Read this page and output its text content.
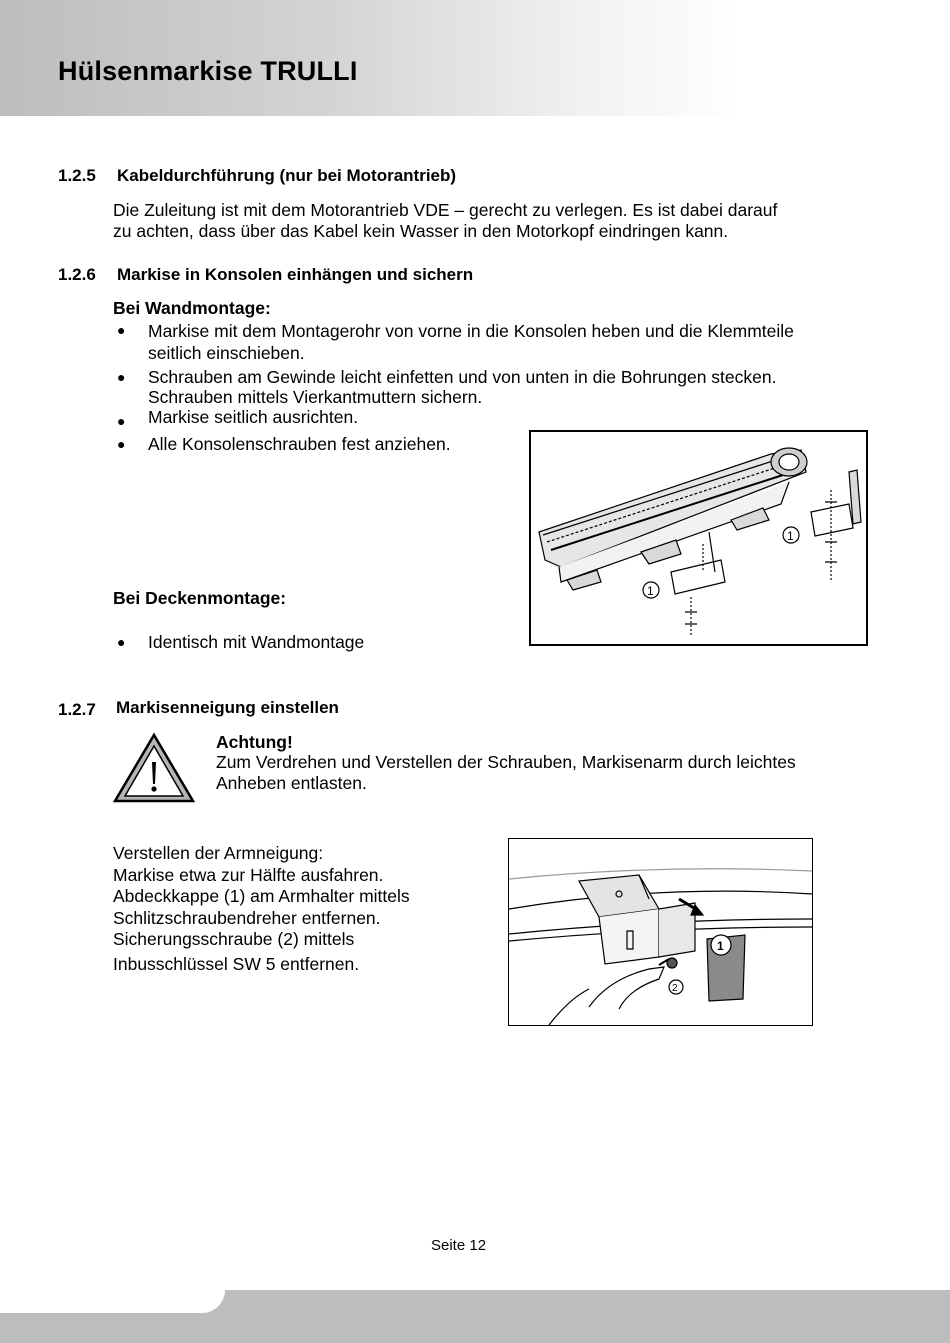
Hülsenmarkise TRULLI
1.2.5 Kabeldurchführung (nur bei Motorantrieb)
Die Zuleitung ist mit dem Motorantrieb VDE – gerecht zu verlegen. Es ist dabei darauf
zu achten, dass über das Kabel kein Wasser in den Motorkopf eindringen kann.
1.2.6 Markise in Konsolen einhängen und sichern
Bei Wandmontage:
● Markise mit dem Montagerohr von vorne in die Konsolen heben und die Klemmteile
seitlich einschieben.
● Schrauben am Gewinde leicht einfetten und von unten in die Bohrungen stecken.
Schrauben mittels Vierkantmuttern sichern.
● Markise seitlich ausrichten.
● Alle Konsolenschrauben fest anziehen.
Bei Deckenmontage:
● Identisch mit Wandmontage
1
1
1.2.7 Markisenneigung einstellen
Achtung!
Zum Verdrehen und Verstellen der Schrauben, Markisenarm durch leichtes
Anheben entlasten.
Verstellen der Armneigung:
Markise etwa zur Hälfte ausfahren.
Abdeckkappe (1) am Armhalter mittels
Schlitzschraubendreher entfernen.
Sicherungsschraube (2) mittels
Inbusschlüssel SW 5 entfernen.
1
2
Seite 12
